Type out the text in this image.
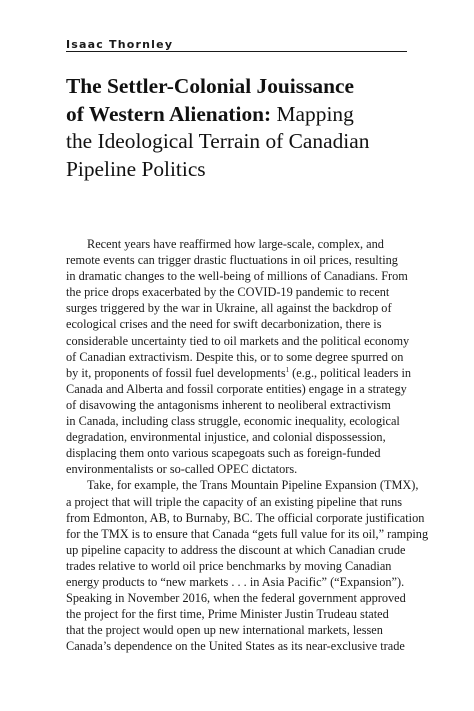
Isaac Thornley
The Settler-Colonial Jouissance
of Western Alienation: Mapping
the Ideological Terrain of Canadian
Pipeline Politics
Recent years have reaffirmed how large-scale, complex, and
remote events can trigger drastic fluctuations in oil prices, resulting
in dramatic changes to the well-being of millions of Canadians. From
the price drops exacerbated by the COVID-19 pandemic to recent
surges triggered by the war in Ukraine, all against the backdrop of
ecological crises and the need for swift decarbonization, there is
considerable uncertainty tied to oil markets and the political economy
of Canadian extractivism. Despite this, or to some degree spurred on
by it, proponents of fossil fuel developments$^1$ (e.g., political leaders in
Canada and Alberta and fossil corporate entities) engage in a strategy
of disavowing the antagonisms inherent to neoliberal extractivism
in Canada, including class struggle, economic inequality, ecological
degradation, environmental injustice, and colonial dispossession,
displacing them onto various scapegoats such as foreign-funded
environmentalists or so-called OPEC dictators.
Take, for example, the Trans Mountain Pipeline Expansion (TMX),
a project that will triple the capacity of an existing pipeline that runs
from Edmonton, AB, to Burnaby, BC. The official corporate justification
for the TMX is to ensure that Canada “gets full value for its oil,” ramping
up pipeline capacity to address the discount at which Canadian crude
trades relative to world oil price benchmarks by moving Canadian
energy products to “new markets . . . in Asia Pacific” (“Expansion”).
Speaking in November 2016, when the federal government approved
the project for the first time, Prime Minister Justin Trudeau stated
that the project would open up new international markets, lessen
Canada’s dependence on the United States as its near-exclusive trade
